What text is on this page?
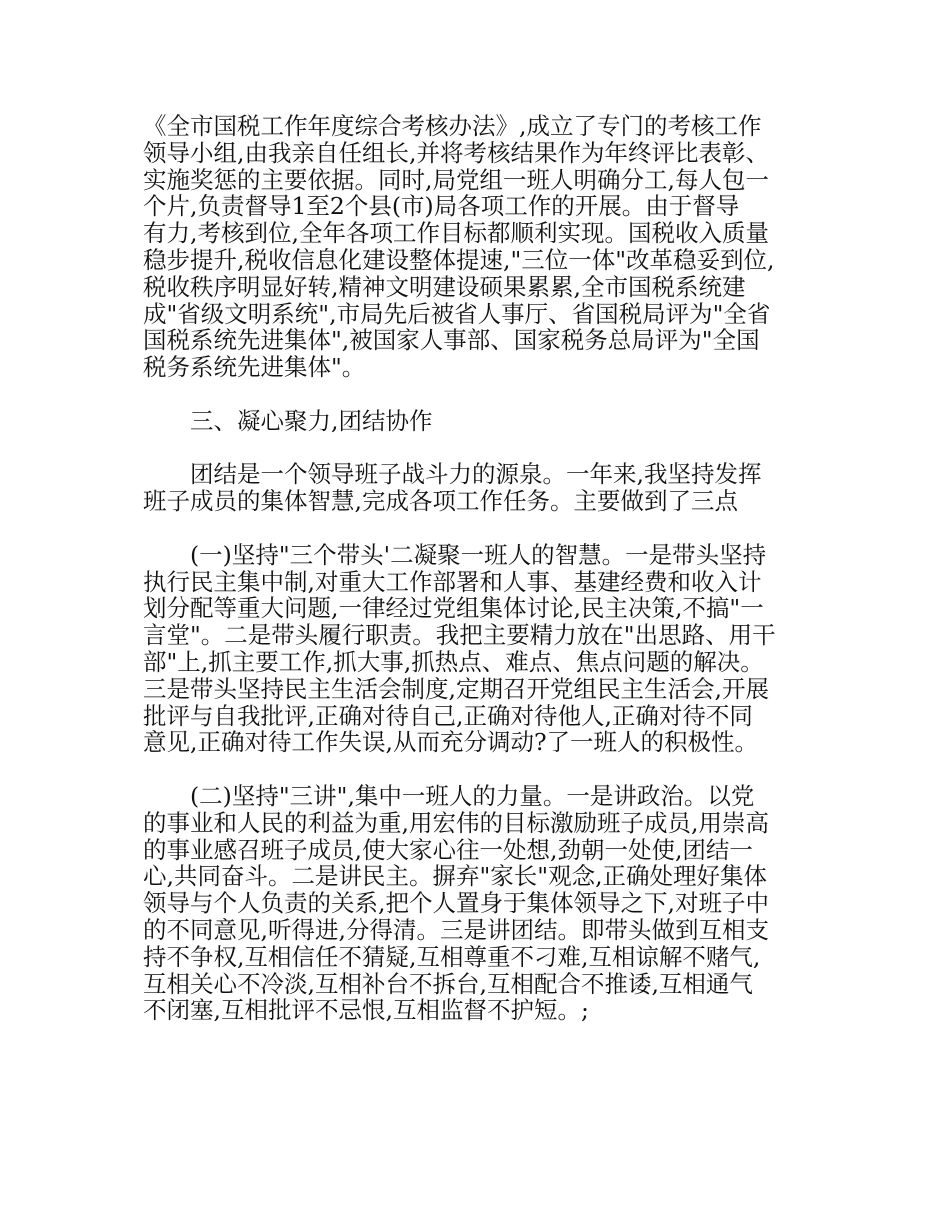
《全市国税工作年度综合考核办法》,成立了专门的考核工作
领导小组,由我亲自任组长,并将考核结果作为年终评比表彰、
实施奖惩的主要依据。同时,局党组一班人明确分工,每人包一
个片,负责督导1至2个县(市)局各项工作的开展。由于督导
有力,考核到位,全年各项工作目标都顺利实现。国税收入质量
稳步提升,税收信息化建设整体提速,"三位一体"改革稳妥到位,
税收秩序明显好转,精神文明建设硕果累累,全市国税系统建
成"省级文明系统",市局先后被省人事厅、省国税局评为"全省
国税系统先进集体",被国家人事部、国家税务总局评为"全国
税务系统先进集体"。
三、凝心聚力,团结协作
团结是一个领导班子战斗力的源泉。一年来,我坚持发挥
班子成员的集体智慧,完成各项工作任务。主要做到了三点
(一)坚持"三个带头'二凝聚一班人的智慧。一是带头坚持
执行民主集中制,对重大工作部署和人事、基建经费和收入计
划分配等重大问题,一律经过党组集体讨论,民主决策,不搞"一
言堂"。二是带头履行职责。我把主要精力放在"出思路、用干
部"上,抓主要工作,抓大事,抓热点、难点、焦点问题的解决。
三是带头坚持民主生活会制度,定期召开党组民主生活会,开展
批评与自我批评,正确对待自己,正确对待他人,正确对待不同
意见,正确对待工作失误,从而充分调动?了一班人的积极性。
(二)坚持"三讲",集中一班人的力量。一是讲政治。以党
的事业和人民的利益为重,用宏伟的目标激励班子成员,用崇高
的事业感召班子成员,使大家心往一处想,劲朝一处使,团结一
心,共同奋斗。二是讲民主。摒弃"家长"观念,正确处理好集体
领导与个人负责的关系,把个人置身于集体领导之下,对班子中
的不同意见,听得进,分得清。三是讲团结。即带头做到互相支
持不争权,互相信任不猜疑,互相尊重不刁难,互相谅解不赌气,
互相关心不冷淡,互相补台不拆台,互相配合不推诿,互相通气
不闭塞,互相批评不忌恨,互相监督不护短。;
